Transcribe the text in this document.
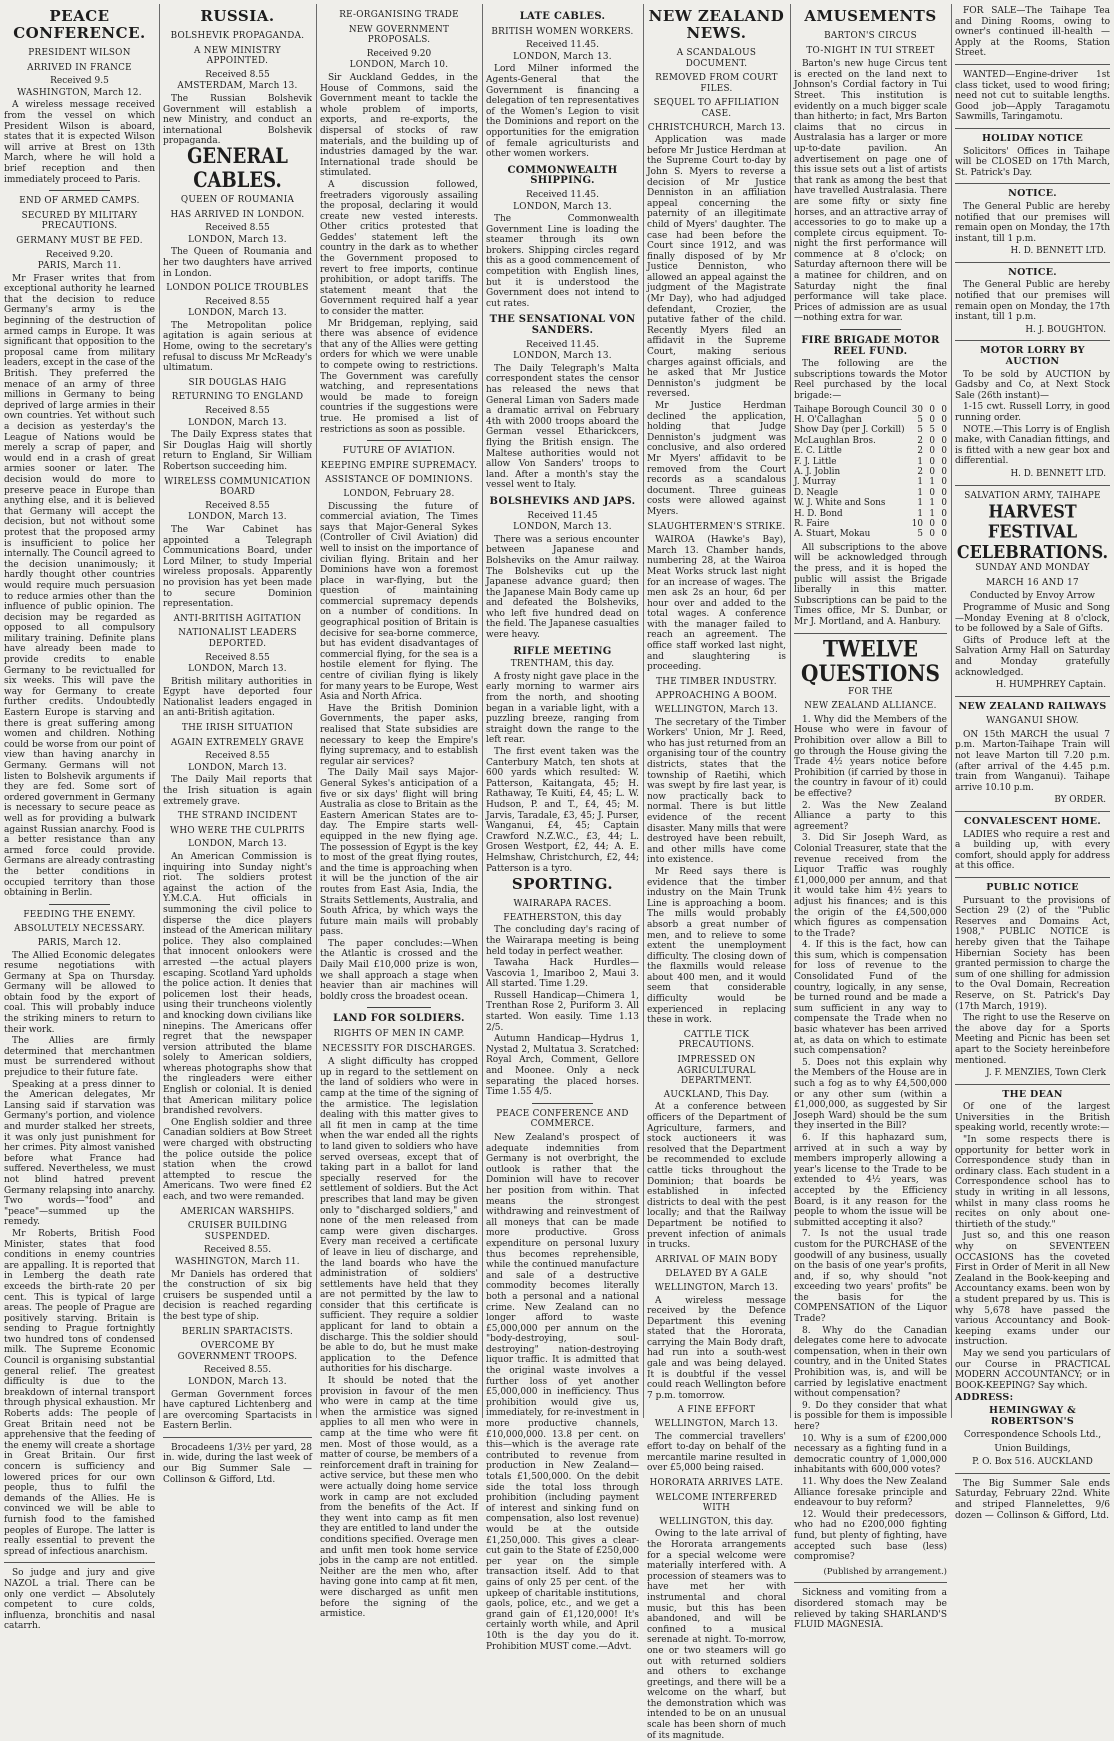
PEACE CONFERENCE.
PRESIDENT WILSON
ARRIVED IN FRANCE
Received 9.5
WASHINGTON, March 12.

A wireless message received from the vessel on which President Wilson is aboard, states that it is expected Wilson will arrive at Brest on 13th March, where he will hold a brief reception and then immediately proceed to Paris.

END OF ARMED CAMPS.
SECURED BY MILITARY PRECAUTIONS.
GERMANY MUST BE FED.
Received 9.20.
PARIS, March 11.

Mr Fraser writes that from exceptional authority he learned that the decision to reduce Germany's army is the beginning of the destruction of armed camps in Europe. It was significant that opposition to the proposal came from military leaders, except in the case of the British. They preferred the menace of an army of three millions in Germany to being deprived of large armies in their own countries. Yet without such a decision as yesterday's the League of Nations would be merely a scrap of paper, and would end in a crash of great armies sooner or later. The decision would do more to preserve peace in Europe than anything else, and it is believed that Germany will accept the decision, but not without some protest that the proposed army is insufficient to police her internally. The Council agreed to the decision unanimously; it hardly thought other countries would require much persuasion to reduce armies other than the influence of public opinion. The decision may be regarded as opposed to all compulsory military training. Definite plans have already been made to provide credits to enable Germany to be revictualled for six weeks. This will pave the way for Germany to create further credits. Undoubtedly Eastern Europe is starving and there is great suffering among women and children. Nothing could be worse from our point of view than having anarchy in Germany. Germans will not listen to Bolshevik arguments if they are fed. Some sort of ordered government in Germany is necessary to secure peace as well as for providing a bulwark against Russian anarchy. Food is a better resistance than any armed force could provide. Germans are already contrasting the better conditions in occupied territory than those obtaining in Berlin.

FEEDING THE ENEMY.
ABSOLUTELY NECESSARY.
PARIS, March 12.

The Allied Economic delegates resume negotiations with Germany at Spa on Thursday. Germany will be allowed to obtain food by the export of coal. This will probably induce the striking miners to return to their work.

The Allies are firmly determined that merchantmen must be surrendered without prejudice to their future fate.

Speaking at a press dinner to the American delegates, Mr Lansing said if starvation was Germany's portion, and violence and murder stalked her streets, it was only just punishment for her crimes. Pity almost vanished before what France had suffered. Nevertheless, we must not blind hatred prevent Germany relapsing into anarchy. Two words—"food" and "peace"—summed up the remedy.

Mr Roberts, British Food Minister, states that food conditions in enemy countries are appalling. It is reported that in Lemberg the death rate exceeds the birth-rate 20 per cent. This is typical of large areas. The people of Prague are positively starving. Britain is sending to Prague fortnightly two hundred tons of condensed milk. The Supreme Economic Council is organising substantial general relief. The greatest difficulty is due to the breakdown of internal transport through physical exhaustion. Mr Roberts adds: The people of Great Britain need not be apprehensive that the feeding of the enemy will create a shortage in Great Britain. Our first concern is sufficiency and lowered prices for our own people, thus to fulfil the demands of the Allies. He is convinced we will be able to furnish food to the famished peoples of Europe. The latter is really essential to prevent the spread of infectious anarchism.

So judge and jury and give NAZOL a trial. There can be only one verdict — Absolutely competent to cure colds, influenza, bronchitis and nasal catarrh.

RUSSIA.
BOLSHEVIK PROPAGANDA.
A NEW MINISTRY APPOINTED.
Received 8.55
AMSTERDAM, March 13.

The Russian Bolshevik Government will establish a new Ministry, and conduct an international Bolshevik propaganda.

GENERAL CABLES.
QUEEN OF ROUMANIA
HAS ARRIVED IN LONDON.
Received 8.55
LONDON, March 13.

The Queen of Roumania and her two daughters have arrived in London.

LONDON POLICE TROUBLES
Received 8.55
LONDON, March 13.

The Metropolitan police agitation is again serious at Home, owing to the secretary's refusal to discuss Mr McReady's ultimatum.

SIR DOUGLAS HAIG
RETURNING TO ENGLAND
Received 8.55
LONDON, March 13.

The Daily Express states that Sir Douglas Haig will shortly return to England, Sir William Robertson succeeding him.

WIRELESS COMMUNICATION BOARD
Received 8.55
LONDON, March 13.

The War Cabinet has appointed a Telegraph Communications Board, under Lord Milner, to study Imperial wireless proposals. Apparently no provision has yet been made to secure Dominion representation.

ANTI-BRITISH AGITATION
NATIONALIST LEADERS DEPORTED.
Received 8.55
LONDON, March 13.

British military authorities in Egypt have deported four Nationalist leaders engaged in an anti-British agitation.

THE IRISH SITUATION
AGAIN EXTREMELY GRAVE
Received 8.55
LONDON, March 13.

The Daily Mail reports that the Irish situation is again extremely grave.

THE STRAND INCIDENT
WHO WERE THE CULPRITS
LONDON, March 13.

An American Commission is inquiring into Sunday night's riot. The soldiers protest against the action of the Y.M.C.A. Hut officials in summoning the civil police to disperse the dice players instead of the American military police. They also complained that innocent onlookers were arrested —the actual players escaping. Scotland Yard upholds the police action. It denies that policemen lost their heads, using their truncheons violently and knocking down civilians like ninepins. The Americans offer regret that the newspaper version attributed the blame solely to American soldiers, whereas photographs show that the ringleaders were either English or colonial. It is denied that American military police brandished revolvers.

One English soldier and three Canadian soldiers at Bow Street were charged with obstructing the police outside the police station when the crowd attempted to rescue the Americans. Two were fined £2 each, and two were remanded.

AMERICAN WARSHIPS.
CRUISER BUILDING SUSPENDED.
Received 8.55.
WASHINGTON, March 11.

Mr Daniels has ordered that the construction of six big cruisers be suspended until a decision is reached regarding the best type of ship.

BERLIN SPARTACISTS.
OVERCOME BY GOVERNMENT TROOPS.
Received 8.55.
LONDON, March 13.

German Government forces have captured Lichtenberg and are overcoming Spartacists in Eastern Berlin.

Brocadeens 1/3½ per yard, 28 in. wide, during the last week of our Big Summer Sale — Collinson & Gifford, Ltd.

RE-ORGANISING TRADE
NEW GOVERNMENT PROPOSALS.
Received 9.20
LONDON, March 10.

Sir Auckland Geddes, in the House of Commons, said the Government meant to tackle the whole problem of imports, exports, and re-exports, the dispersal of stocks of raw materials, and the building up of industries damaged by the war. International trade should be stimulated.

A discussion followed, freetraders vigorously assailing the proposal, declaring it would create new vested interests. Other critics protested that Geddes' statement left the country in the dark as to whether the Government proposed to revert to free imports, continue prohibition, or adopt tariffs. The statement meant that the Government required half a year to consider the matter.

Mr Bridgeman, replying, said there was absence of evidence that any of the Allies were getting orders for which we were unable to compete owing to restrictions. The Government was carefully watching, and representations would be made to foreign countries if the suggestions were true. He promised a list of restrictions as soon as possible.

FUTURE OF AVIATION.
KEEPING EMPIRE SUPREMACY.
ASSISTANCE OF DOMINIONS.
LONDON, February 28.

Discussing the future of commercial aviation, The Times says that Major-General Sykes (Controller of Civil Aviation) did well to insist on the importance of civilian flying. Britain and her Dominions have won a foremost place in war-flying, but the question of maintaining commercial supremacy depends on a number of conditions. In geographical position of Britain is decisive for sea-borne commerce, but has evident disadvantages of commercial flying, for the sea is a hostile element for flying. The centre of civilian flying is likely for many years to be Europe, West Asia and North Africa.

Have the British Dominion Governments, the paper asks, realised that State subsidies are necessary to keep the Empire's flying supremacy, and to establish regular air services?

The Daily Mail says Major-General Sykes's anticipation of a five or six days' flight will bring Australia as close to Britain as the Eastern American States are to-day. The Empire starts well-equipped in the new flying age. The possession of Egypt is the key to most of the great flying routes, and the time is approaching when it will be the junction of the air routes from East Asia, India, the Straits Settlements, Australia, and South Africa, by which ways the future main mails will probably pass.

The paper concludes:—When the Atlantic is crossed and the Daily Mail £10,000 prize is won, we shall approach a stage when heavier than air machines will boldly cross the broadest ocean.

LAND FOR SOLDIERS.
RIGHTS OF MEN IN CAMP.
NECESSITY FOR DISCHARGES.

A slight difficulty has cropped up in regard to the settlement on the land of soldiers who were in camp at the time of the signing of the armistice. The legislation dealing with this matter gives to all fit men in camp at the time when the war ended all the rights to land given to soldiers who have served overseas, except that of taking part in a ballot for land specially reserved for the settlement of soldiers. But the Act prescribes that land may be given only to "discharged soldiers," and none of the men released from camp were given discharges. Every man received a certificate of leave in lieu of discharge, and the land boards who have the administration of soldiers' settlements have held that they are not permitted by the law to consider that this certificate is sufficient. They require a soldier applicant for land to obtain a discharge. This the soldier should be able to do, but he must make application to the Defence authorities for his discharge.

It should be noted that the provision in favour of the men who were in camp at the time when the armistice was signed applies to all men who were in camp at the time who were fit men. Most of those would, as a matter of course, be members of a reinforcement draft in training for active service, but these men who were actually doing home service work in camp are not excluded from the benefits of the Act. If they went into camp as fit men they are entitled to land under the conditions specified. Overage men and unfit men took home service jobs in the camp are not entitled. Neither are the men who, after having gone into camp at fit men, were discharged as unfit men before the signing of the armistice.

LATE CABLES.
BRITISH WOMEN WORKERS.
Received 11.45.
LONDON, March 13.

Lord Milner informed the Agents-General that the Government is financing a delegation of ten representatives of the Women's Legion to visit the Dominions and report on the opportunities for the emigration of female agriculturists and other women workers.

COMMONWEALTH SHIPPING.
Received 11.45.
LONDON, March 13.

The Commonwealth Government Line is loading the steamer through its own brokers. Shipping circles regard this as a good commencement of competition with English lines, but it is understood the Government does not intend to cut rates.

THE SENSATIONAL VON SANDERS.
Received 11.45.
LONDON, March 13.

The Daily Telegraph's Malta correspondent states the censor has released the news that General Liman von Saders made a dramatic arrival on February 4th with 2000 troops aboard the German vessel Etharickcers, flying the British ensign. The Maltese authorities would not allow Von Sanders' troops to land. After a month's stay the vessel went to Italy.

BOLSHEVIKS AND JAPS.
Received 11.45
LONDON, March 13.

There was a serious encounter between Japanese and Bolsheviks on the Amur railway. The Bolsheviks cut up the Japanese advance guard; then the Japanese Main Body came up and defeated the Bolsheviks, who left five hundred dead on the field. The Japanese casualties were heavy.

RIFLE MEETING
TRENTHAM, this day.

A frosty night gave place in the early morning to warmer airs from the north, and shooting began in a variable light, with a puzzling breeze, ranging from straight down the range to the left rear.

The first event taken was the Canterbury Match, ten shots at 600 yards which resulted: W. Patterson, Kaitangata, 45; H. Rathaway, Te Kuiti, £4, 45; L. W. Hudson, P. and T., £4, 45; M. Jarvis, Taradale, £3, 45; J. Purser, Wanganui, £4, 45; Captain Crawford N.Z.W.C., £3, 44; L. Grosen Westport, £2, 44; A. E. Helmshaw, Christchurch, £2, 44; Patterson is a tyro.

SPORTING.
WAIRARAPA RACES.
FEATHERSTON, this day

The concluding day's racing of the Wairarapa meeting is being held today in perfect weather.

Tawaha Hack Hurdles—Vascovia 1, Imariboo 2, Maui 3. All started. Time 1.29.

Russell Handicap—Chimera 1, Trenthan Rose 2, Puriform 3. All started. Won easily. Time 1.13 2/5.

Autumn Handicap—Hydrus 1, Nystad 2, Multatua 3. Scratched: Royal Arch, Comment, Gellore and Moonee. Only a neck separating the placed horses. Time 1.55 4/5.

PEACE CONFERENCE AND COMMERCE.

New Zealand's prospect of adequate indemnities from Germany is not overbright, the outlook is rather that the Dominion will have to recover her position from within. That means the strongest withdrawing and reinvestment of all moneys that can be made more productive. Gross expenditure on personal luxury thus becomes reprehensible, while the continued manufacture and sale of a destructive commodity becomes literally both a personal and a national crime. New Zealand can no longer afford to waste £5,000,000 per annum on the "body-destroying, soul-destroying" nation-destroying liquor traffic. It is admitted that the original waste involves a further loss of yet another £5,000,000 in inefficiency. Thus prohibition would give us, immediately, for re-investment in more productive channels, £10,000,000. 13.8 per cent. on this—which is the average rate contributed to revenue from production in New Zealand—totals £1,500,000. On the debit side the total loss through prohibition (including payment of interest and sinking fund on compensation, also lost revenue) would be at the outside £1,250,000. This gives a clear-cut gain to the State of £250,000 per year on the simple transaction itself. Add to that gains of only 25 per cent. of the upkeep of charitable institutions, gaols, police, etc., and we get a grand gain of £1,120,000! It's certainly worth while, and April 10th is the day you do it. Prohibition MUST come.—Advt.

NEW ZEALAND NEWS.
A SCANDALOUS DOCUMENT.
REMOVED FROM COURT FILES.
SEQUEL TO AFFILIATION CASE.
CHRISTCHURCH, March 13.

Application was made before Mr Justice Herdman at the Supreme Court to-day by John S. Myers to reverse a decision of Mr Justice Denniston in an affiliation appeal concerning the paternity of an illegitimate child of Myers' daughter. The case had been before the Court since 1912, and was finally disposed of by Mr Justice Denniston, who allowed an appeal against the judgment of the Magistrate (Mr Day), who had adjudged defendant, Crozier, the putative father of the child. Recently Myers filed an affidavit in the Supreme Court, making serious charges against officials, and he asked that Mr Justice Denniston's judgment be reversed.

Mr Justice Herdman declined the application, holding that Judge Denniston's judgment was conclusive, and also ordered Mr Myers' affidavit to be removed from the Court records as a scandalous document. Three guineas costs were allowed against Myers.

SLAUGHTERMEN'S STRIKE.

WAIROA (Hawke's Bay), March 13. Chamber hands, numbering 28, at the Wairoa Meat Works struck last night for an increase of wages. The men ask 2s an hour, 6d per hour over and added to the total wages. A conference with the manager failed to reach an agreement. The office staff worked last night, and slaughtering is proceeding.

THE TIMBER INDUSTRY.
APPROACHING A BOOM.
WELLINGTON, March 13.

The secretary of the Timber Workers' Union, Mr J. Reed, who has just returned from an organising tour of the country districts, states that the township of Raetihi, which was swept by fire last year, is now practically back to normal. There is but little evidence of the recent disaster. Many mills that were destroyed have been rebuilt, and other mills have come into existence.

Mr Reed says there is evidence that the timber industry on the Main Trunk Line is approaching a boom. The mills would probably absorb a great number of men, and to relieve to some extent the unemployment difficulty. The closing down of the flaxmills would release about 400 men, and it would seem that considerable difficulty would be experienced in replacing these in work.

CATTLE TICK PRECAUTIONS.
IMPRESSED ON AGRICULTURAL DEPARTMENT.
AUCKLAND, This Day.

At a conference between officers of the Department of Agriculture, farmers, and stock auctioneers it was resolved that the Department be recommended to exclude cattle ticks throughout the Dominion; that boards be established in infected districts to deal with the pest locally; and that the Railway Department be notified to prevent infection of animals in trucks.

ARRIVAL OF MAIN BODY
DELAYED BY A GALE
WELLINGTON, March 13.

A wireless message received by the Defence Department this evening stated that the Hororata, carrying the Main Body draft, had run into a south-west gale and was being delayed. It is doubtful if the vessel could reach Wellington before 7 p.m. tomorrow.

A FINE EFFORT
WELLINGTON, March 13.

The commercial travellers' effort to-day on behalf of the mercantile marine resulted in over £5,000 being raised.

HORORATA ARRIVES LATE.
WELCOME INTERFERED WITH
WELLINGTON, this day.

Owing to the late arrival of the Hororata arrangements for a special welcome were materially interfered with. A procession of steamers was to have met her with instrumental and choral music, but this has been abandoned, and will be confined to a musical serenade at night. To-morrow, one or two steamers will go out with returned soldiers and others to exchange greetings, and there will be a welcome on the wharf, but the demonstration which was intended to be on an unusual scale has been shorn of much of its magnitude.

AMUSEMENTS
BARTON'S CIRCUS
TO-NIGHT IN TUI STREET

Barton's new huge Circus tent is erected on the land next to Johnson's Cordial factory in Tui Street. This institution is evidently on a much bigger scale than hitherto; in fact, Mrs Barton claims that no circus in Australasia has a larger or more up-to-date pavilion. An advertisement on page one of this issue sets out a list of artists that rank as among the best that have travelled Australasia. There are some fifty or sixty fine horses, and an attractive array of accessories to go to make up a complete circus equipment. To-night the first performance will commence at 8 o'clock; on Saturday afternoon there will be a matinee for children, and on Saturday night the final performance will take place. Prices of admission are as usual—nothing extra for war.

FIRE BRIGADE MOTOR REEL FUND.

The following are the subscriptions towards the Motor Reel purchased by the local brigade:—

Taihape Borough Council	30	0	0
H. O'Callaghan	5	0	0
Show Day (per J. Corkill)	5	5	0
McLaughlan Bros.	2	0	0
E. C. Little	2	0	0
F. J. Little	1	0	0
A. J. Joblin	2	0	0
J. Murray	1	1	0
D. Neagle	1	0	0
W. J. White and Sons	1	1	0
H. D. Bond	1	1	0
R. Faire	10	0	0
A. Stuart, Mokau	5	0	0

All subscriptions to the above will be acknowledged through the press, and it is hoped the public will assist the Brigade liberally in this matter. Subscriptions can be paid to the Times office, Mr S. Dunbar, or Mr J. Mortland, and A. Hanbury.

TWELVE QUESTIONS
FOR THE
NEW ZEALAND ALLIANCE.

1. Why did the Members of the House who were in favour of Prohibition over allow a Bill to go through the House giving the Trade 4½ years notice before Prohibition (if carried by those in the country in favour of it) could be effective?

2. Was the New Zealand Alliance a party to this agreement?

3. Did Sir Joseph Ward, as Colonial Treasurer, state that the revenue received from the Liquor Traffic was roughly £1,000,000 per annum, and that it would take him 4½ years to adjust his finances; and is this the origin of the £4,500,000 which figures as compensation to the Trade?

4. If this is the fact, how can this sum, which is compensation for loss of revenue to the Consolidated Fund of the country, logically, in any sense, be turned round and be made a sum sufficient in any way to compensate the Trade when no basic whatever has been arrived at, as data on which to estimate such compensation?

5. Does not this explain why the Members of the House are in such a fog as to why £4,500,000 or any other sum (within a £1,000,000, as suggested by Sir Joseph Ward) should be the sum they inserted in the Bill?

6. If this haphazard sum, arrived at in such a way by members improperly allowing a year's license to the Trade to be extended to 4½ years, was accepted by the Efficiency Board, is it any reason for the people to whom the issue will be submitted accepting it also?

7. Is not the usual trade custom for the PURCHASE of the goodwill of any business, usually on the basis of one year's profits, and, if so, why should "not exceeding two years' profits" be the basis for the COMPENSATION of the Liquor Trade?

8. Why do the Canadian delegates come here to advocate compensation, when in their own country, and in the United States Prohibition was, is, and will be carried by legislative enactment without compensation?

9. Do they consider that what is possible for them is impossible here?

10. Why is a sum of £200,000 necessary as a fighting fund in a democratic country of 1,000,000 inhabitants with 600,000 votes?

11. Why does the New Zealand Alliance foresake principle and endeavour to buy reform?

12. Would their predecessors, who had no £200,000 fighting fund, but plenty of fighting, have accepted such base (less) compromise?

(Published by arrangement.)

Sickness and vomiting from a disordered stomach may be relieved by taking SHARLAND'S FLUID MAGNESIA.

FOR SALE—The Taihape Tea and Dining Rooms, owing to owner's continued ill-health — Apply at the Rooms, Station Street.

WANTED—Engine-driver 1st class ticket, used to wood firing; need not cut to suitable lengths. Good job—Apply Taragamotu Sawmills, Taringamotu.

HOLIDAY NOTICE

Solicitors' Offices in Taihape will be CLOSED on 17th March, St. Patrick's Day.

NOTICE.

The General Public are hereby notified that our premises will remain open on Monday, the 17th instant, till 1 p.m.

H. D. BENNETT LTD.
NOTICE.

The General Public are hereby notified that our premises will remain open on Monday, the 17th instant, till 1 p.m.

H. J. BOUGHTON.
MOTOR LORRY BY AUCTION

To be sold by AUCTION by Gadsby and Co, at Next Stock Sale (26th instant)—

1-15 cwt. Russell Lorry, in good running order.

NOTE.—This Lorry is of English make, with Canadian fittings, and is fitted with a new gear box and differential.

H. D. BENNETT LTD.
SALVATION ARMY, TAIHAPE
HARVEST FESTIVAL CELEBRATIONS.
SUNDAY AND MONDAY
MARCH 16 AND 17

Conducted by Envoy Arrow

Programme of Music and Song—Monday Evening at 8 o'clock, to be followed by a Sale of Gifts.

Gifts of Produce left at the Salvation Army Hall on Saturday and Monday gratefully acknowledged.

H. HUMPHREY Captain.
NEW ZEALAND RAILWAYS
WANGANUI SHOW.

ON 15th MARCH the usual 7 p.m. Marton-Taihape Train will not leave Marton till 7.20 p.m. (after arrival of the 4.45 p.m. train from Wanganui). Taihape arrive 10.10 p.m.

BY ORDER.
CONVALESCENT HOME.

LADIES who require a rest and a building up, with every comfort, should apply for address at this office.

PUBLIC NOTICE

Pursuant to the provisions of Section 29 (2) of the "Public Reserves and Domains Act, 1908," PUBLIC NOTICE is hereby given that the Taihape Hibernian Society has been granted permission to charge the sum of one shilling for admission to the Oval Domain, Recreation Reserve, on St. Patrick's Day (17th March, 1919).

The right to use the Reserve on the above day for a Sports Meeting and Picnic has been set apart to the Society hereinbefore mentioned.

J. F. MENZIES, Town Clerk
THE DEAN

Of one of the largest Universities in the British speaking world, recently wrote:—

"In some respects there is opportunity for better work in Correspondence study than in ordinary class. Each student in a Correspondence school has to study in writing in all lessons, whilst in many class rooms he recites on only about one-thirtieth of the study."

Just so, and this one reason why on SEVENTEEN OCCASIONS has the coveted First in Order of Merit in all New Zealand in the Book-keeping and Accountancy exams. been won by a student prepared by us. This is why 5,678 have passed the various Accountancy and Book-keeping exams under our instruction.

May we send you particulars of our Course in PRACTICAL MODERN ACCOUNTANCY; or in BOOK-KEEPING? Say which.

ADDRESS:
HEMINGWAY & ROBERTSON'S
Correspondence Schools Ltd.,
Union Buildings,
P. O. Box 516. AUCKLAND

The Big Summer Sale ends Saturday, February 22nd. White and striped Flannelettes, 9/6 dozen — Collinson & Gifford, Ltd.
